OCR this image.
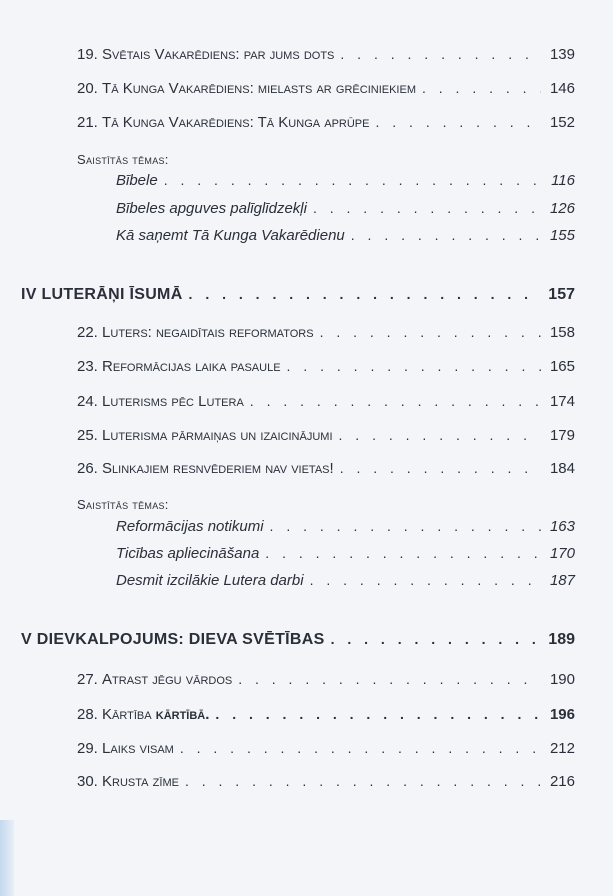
19. Svētais Vakarēdiens: par jums dots . . .	139
20. Tā Kunga Vakarēdiens: mielasts ar grēciniekiem . . .	146
21. Tā Kunga Vakarēdiens: Tā Kunga aprūpe . . .	152
Saistītās tēmas:
Bībele . . .	116
Bībeles apguves palīglīdzekļi . . .	126
Kā saņemt Tā Kunga Vakarēdienu . . .	155
IV LUTERĀŅI ĪSUMĀ . . .	157
22. Luters: negaidītais reformators . . .	158
23. Reformācijas laika pasaule . . .	165
24. Luterisms pēc Lutera . . .	174
25. Luterisma pārmaiņas un izaicinājumi . . .	179
26. Slinkajiem resnvēderiem nav vietas! . . .	184
Saistītās tēmas:
Reformācijas notikumi . . .	163
Ticības apliecināšana . . .	170
Desmit izcilākie Lutera darbi . . .	187
V DIEVKALPOJUMS: DIEVA SVĒTĪBAS . . .	189
27. Atrast jēgu vārdos . . .	190
28. Kārtība kārtībā. . . .	196
29. Laiks visam . . .	212
30. Krusta zīme . . .	216
